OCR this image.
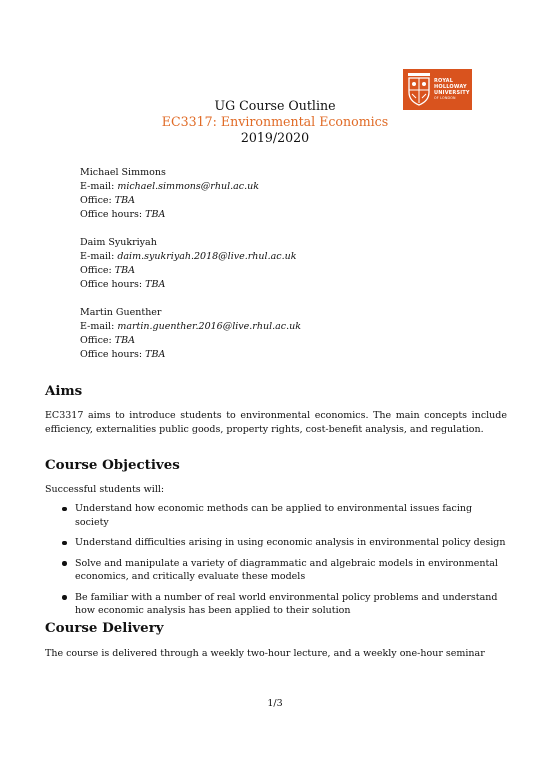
ROYAL
HOLLOWAY
UNIVERSITY
OF LONDON
UG Course Outline
EC3317: Environmental Economics
2019/2020
Michael Simmons
E-mail: michael.simmons@rhul.ac.uk
Office: TBA
Office hours: TBA
Daim Syukriyah
E-mail: daim.syukriyah.2018@live.rhul.ac.uk
Office: TBA
Office hours: TBA
Martin Guenther
E-mail: martin.guenther.2016@live.rhul.ac.uk
Office: TBA
Office hours: TBA
Aims

EC3317 aims to introduce students to environmental economics. The main concepts include efficiency, externalities public goods, property rights, cost-benefit analysis, and regulation.

Course Objectives

Successful students will:

Understand how economic methods can be applied to environmental issues facing society
Understand difficulties arising in using economic analysis in environmental policy design
Solve and manipulate a variety of diagrammatic and algebraic models in environmental economics, and critically evaluate these models
Be familiar with a number of real world environmental policy problems and understand how economic analysis has been applied to their solution
Course Delivery

The course is delivered through a weekly two-hour lecture, and a weekly one-hour seminar

1/3
